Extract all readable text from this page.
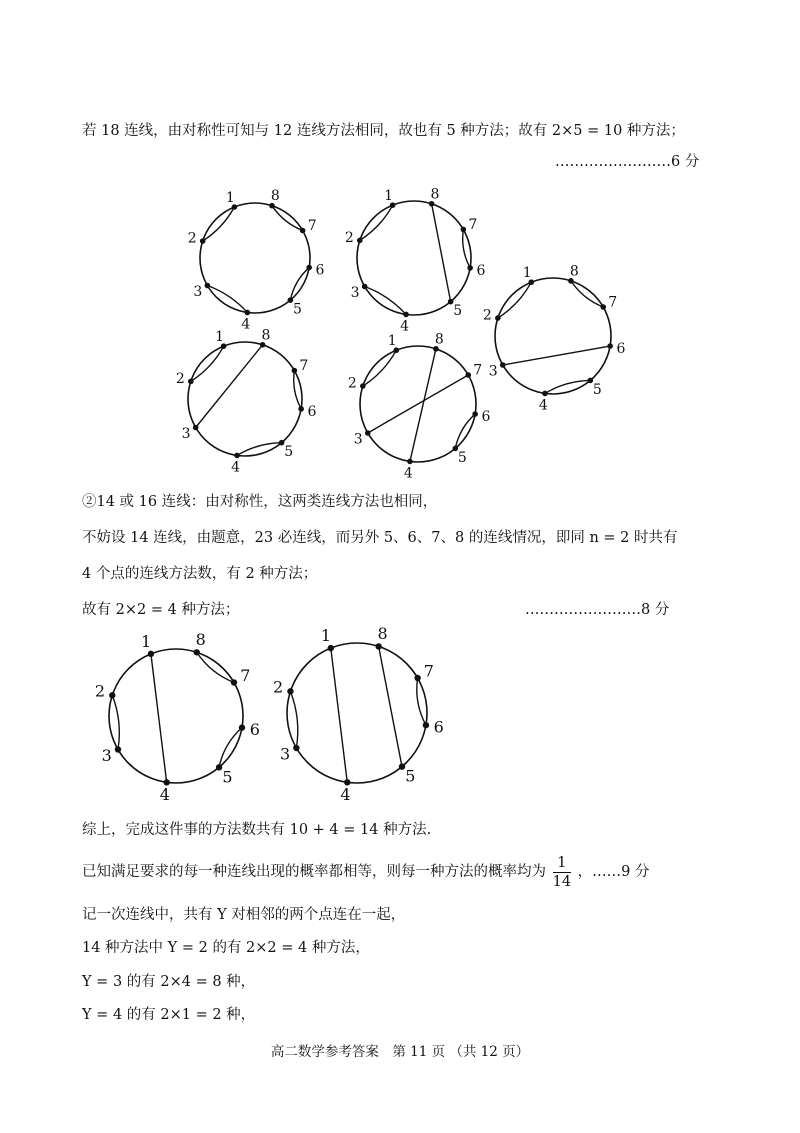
若 18 连线，由对称性可知与 12 连线方法相同，故也有 5 种方法；故有 2×5 = 10 种方法；
……………………6 分
1
2
3
4
5
6
7
8	1
2
3
4
5
6
7
8
1
2
3
4
5
6
7
8
1
2
3
4
5
6
7
8	1
2
3
4
5
6
7
8
1
2
3
4
5
6
7
8	1
2
3
4
5
6
7
8
②14 或 16 连线：由对称性，这两类连线方法也相同，
不妨设 14 连线，由题意，23 必连线，而另外 5、6、7、8 的连线情况，即同 n = 2 时共有
4 个点的连线方法数，有 2 种方法；
故有 2×2 = 4 种方法；	……………………8 分
综上，完成这件事的方法数共有 10 + 4 = 14 种方法.
已知满足要求的每一种连线出现的概率都相等，则每一种方法的概率均为 $\frac{1}{14}$ ，……9 分
记一次连线中，共有 Y 对相邻的两个点连在一起，
14 种方法中 Y = 2 的有 2×2 = 4 种方法，
Y = 3 的有 2×4 = 8 种，
Y = 4 的有 2×1 = 2 种，
高二数学参考答案　第 11 页 （共 12 页）
